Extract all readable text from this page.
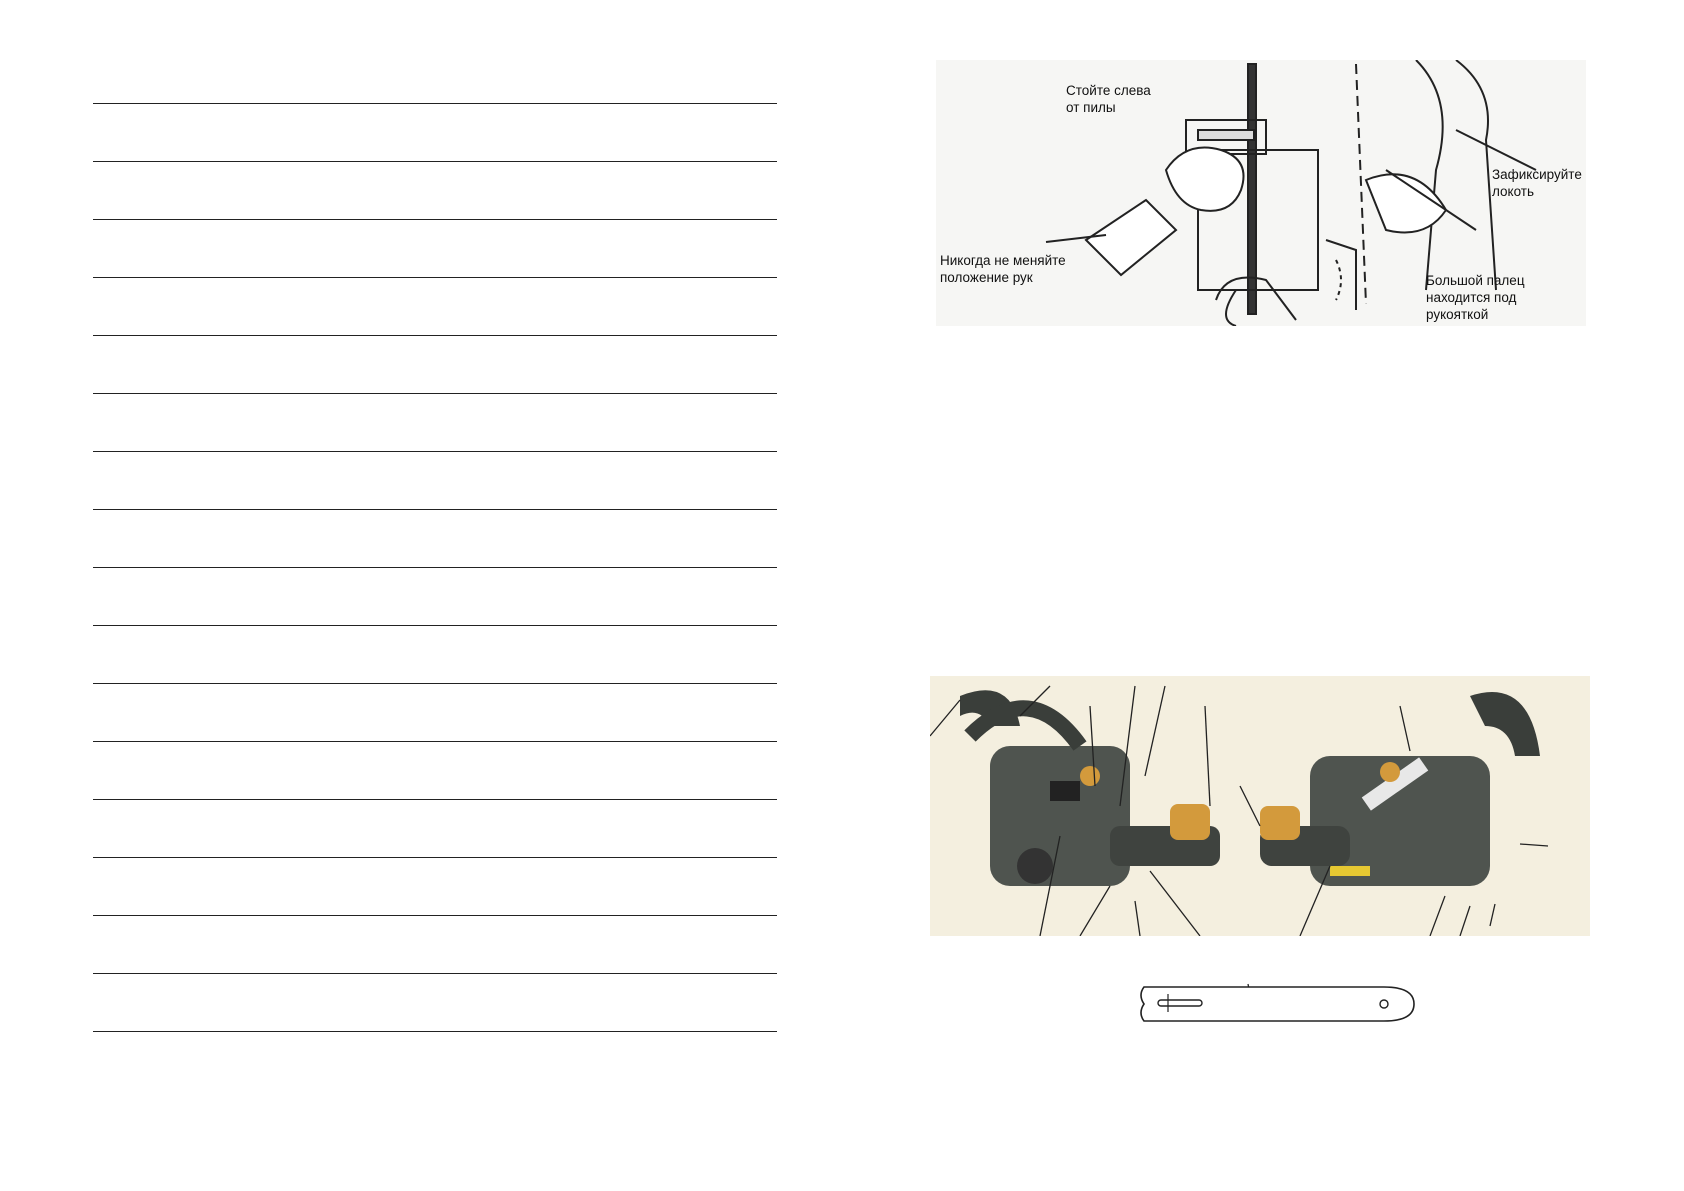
Стойте слева
от пилы
Никогда не меняйте
положение рук
Зафиксируйте
локоть
Большой палец
находится под
рукояткой
